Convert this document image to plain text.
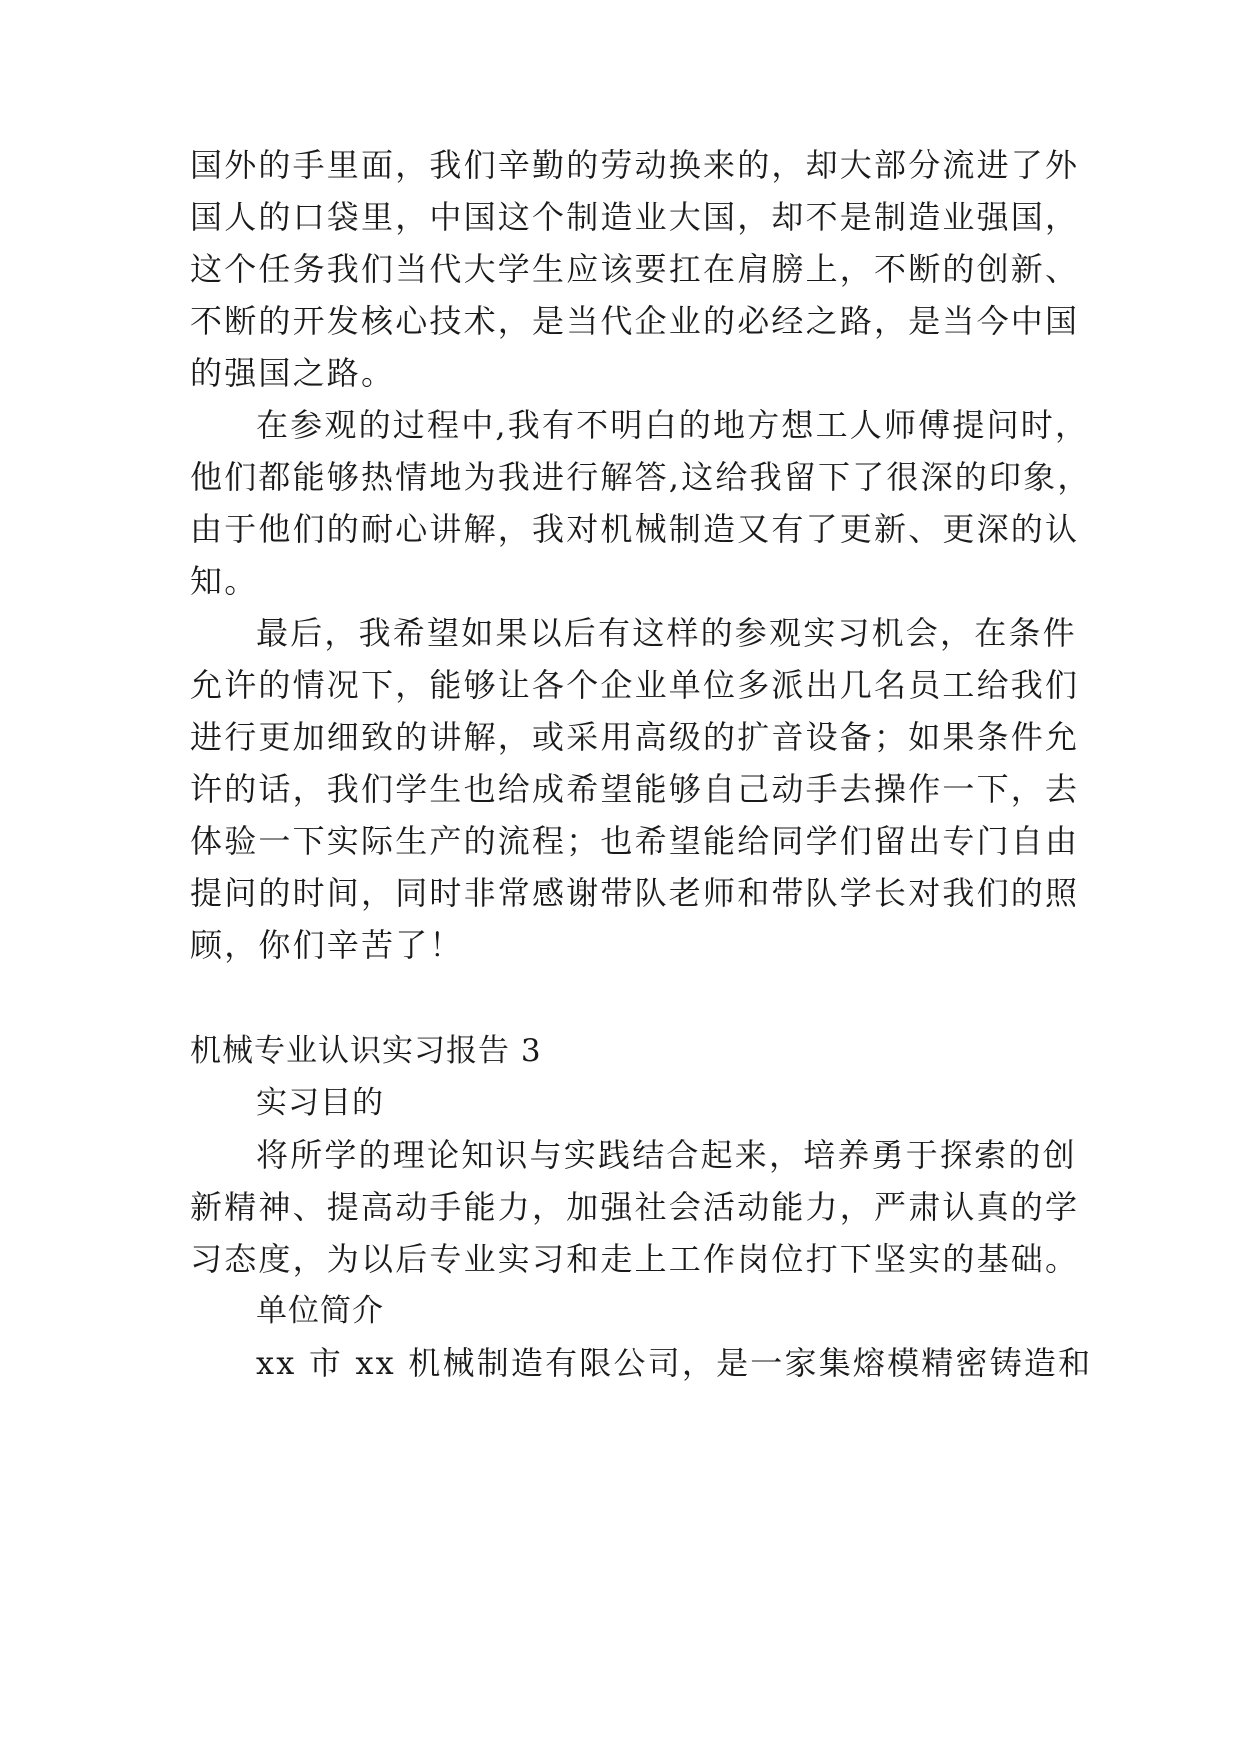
国外的手里面，我们辛勤的劳动换来的，却大部分流进了外
国人的口袋里，中国这个制造业大国，却不是制造业强国，
这个任务我们当代大学生应该要扛在肩膀上，不断的创新、
不断的开发核心技术，是当代企业的必经之路，是当今中国
的强国之路。
在参观的过程中,我有不明白的地方想工人师傅提问时，
他们都能够热情地为我进行解答,这给我留下了很深的印象，
由于他们的耐心讲解，我对机械制造又有了更新、更深的认
知。
最后，我希望如果以后有这样的参观实习机会，在条件
允许的情况下，能够让各个企业单位多派出几名员工给我们
进行更加细致的讲解，或采用高级的扩音设备；如果条件允
许的话，我们学生也给成希望能够自己动手去操作一下，去
体验一下实际生产的流程；也希望能给同学们留出专门自由
提问的时间，同时非常感谢带队老师和带队学长对我们的照
顾，你们辛苦了！
机械专业认识实习报告 3
实习目的
将所学的理论知识与实践结合起来，培养勇于探索的创
新精神、提高动手能力，加强社会活动能力，严肃认真的学
习态度，为以后专业实习和走上工作岗位打下坚实的基础。
单位简介
xx 市 xx 机械制造有限公司，是一家集熔模精密铸造和
